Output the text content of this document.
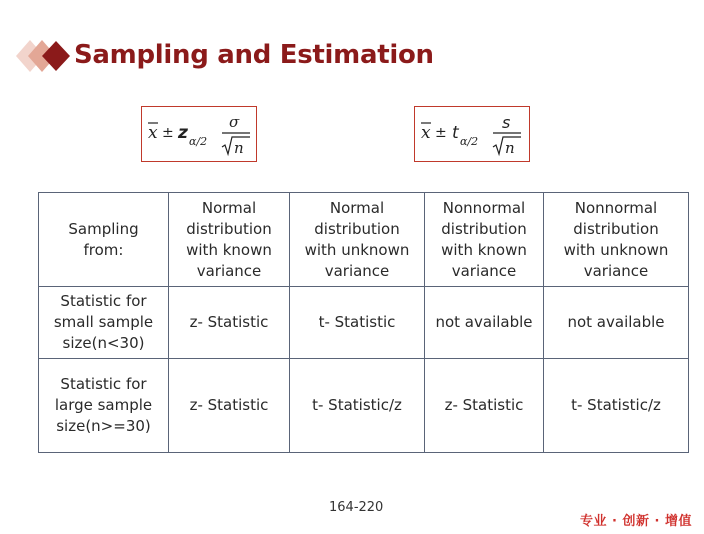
Sampling and Estimation
x ± z α/2
σ
n
x ± t α/2
s
n
Sampling
from:	Normal
distribution
with known
variance	Normal
distribution
with unknown
variance	Nonnormal
distribution
with known
variance	Nonnormal
distribution
with unknown
variance
Statistic for
small sample
size(n<30)	z- Statistic	t- Statistic	not available	not available
Statistic for
large sample
size(n>=30)	z- Statistic	t- Statistic/z	z- Statistic	t- Statistic/z
164-220
专业 · 创新 · 增值
